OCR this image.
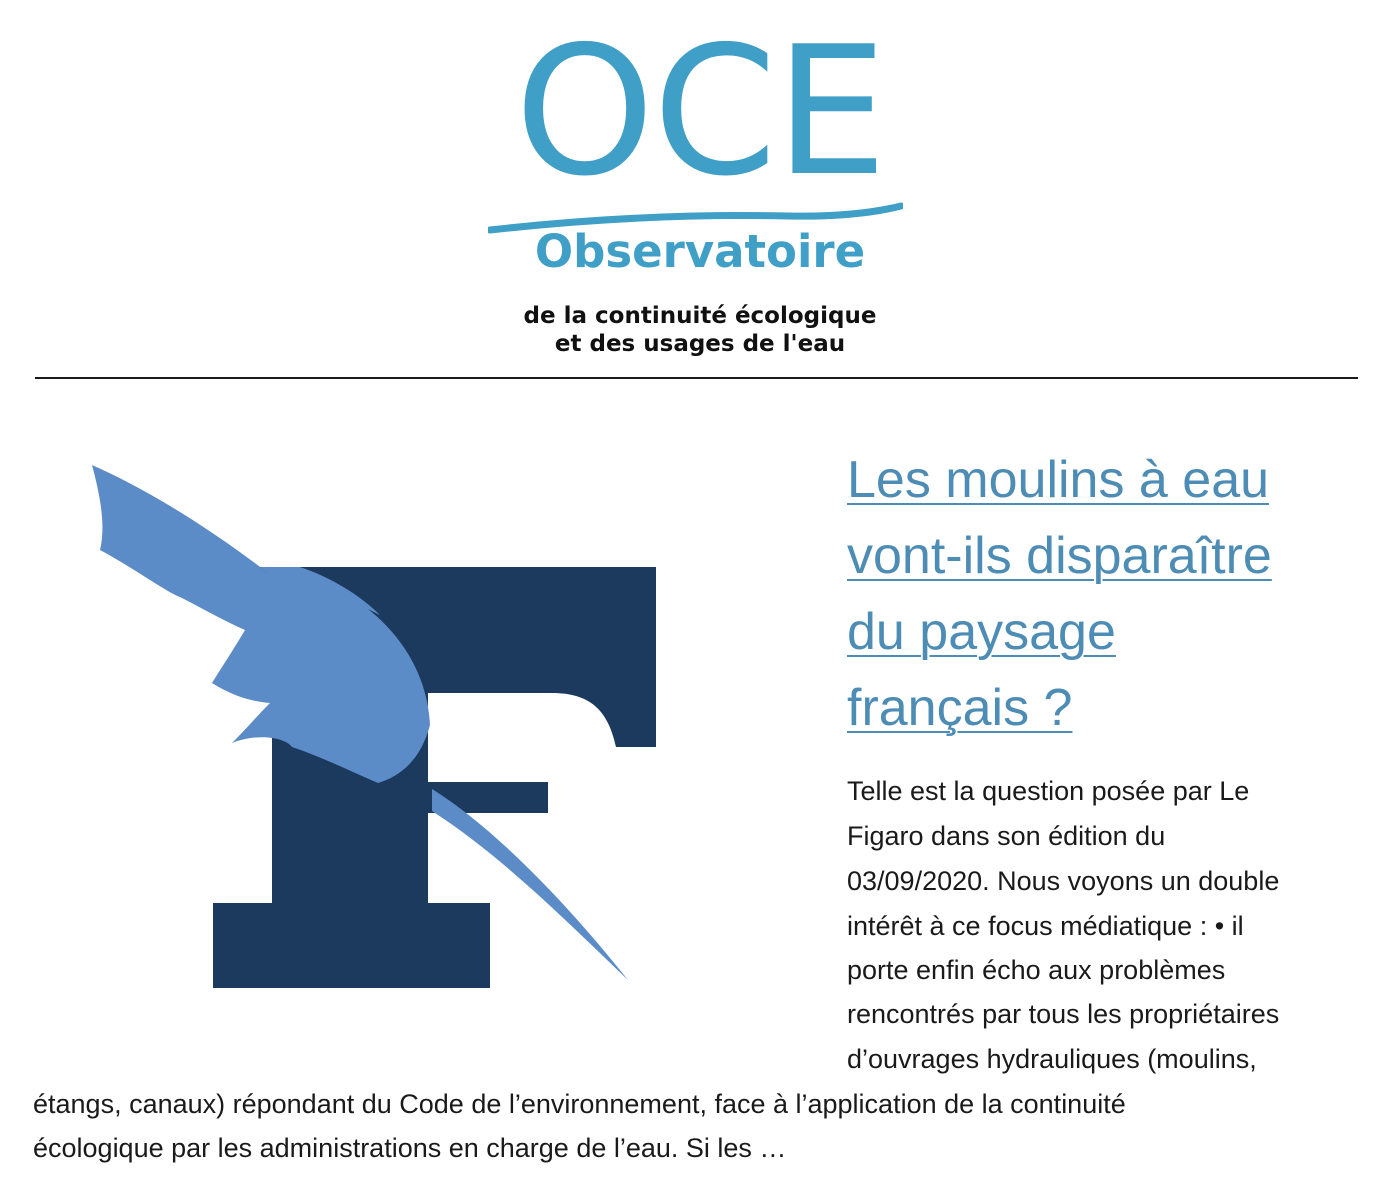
OCE
Observatoire
de la continuité écologique
et des usages de l'eau
Les moulins à eau
vont-ils disparaître
du paysage
français ?
Telle est la question posée par Le
Figaro dans son édition du
03/09/2020. Nous voyons un double
intérêt à ce focus médiatique : • il
porte enfin écho aux problèmes
rencontrés par tous les propriétaires
d’ouvrages hydrauliques (moulins,
étangs, canaux) répondant du Code de l’environnement, face à l’application de la continuité
écologique par les administrations en charge de l’eau. Si les …
